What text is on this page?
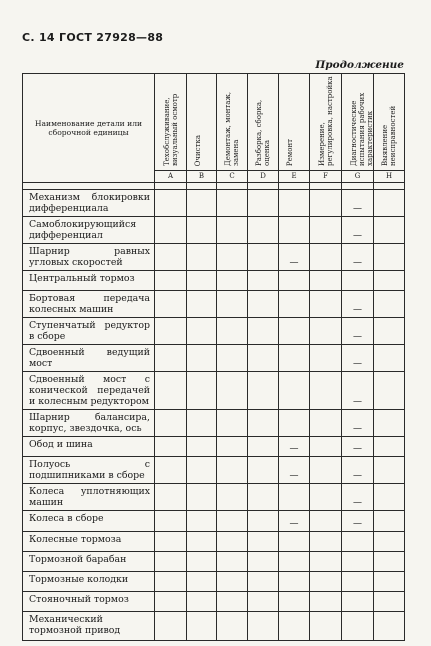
С. 14 ГОСТ 27928—88
Продолжение
Наименование детали или сборочной единицы	Техобслуживание, визуальный осмотр	Очистка	Демонтаж, монтаж, замена	Разборка, сборка, оценка	Ремонт	Измерение, регулировка, настройка	Диагностические испытания рабочих характеристик	Выявление неисправностей

	A	B	C	D	E	F	G	H

Механизм блокировки дифференциала							—	
Самоблокирующийся дифференциал							—	
Шарнир равных угловых скоростей					—		—	
Центральный тормоз								
Бортовая передача колесных машин							—	
Ступенчатый редуктор в сборе							—	
Сдвоенный ведущий мост							—	
Сдвоенный мост с конической передачей и колесным редуктором							—	
Шарнир балансира, корпус, звездочка, ось							—	
Обод и шина					—		—	
Полуось с подшипниками в сборе					—		—	
Колеса уплотняющих машин							—	
Колеса в сборе					—		—	
Колесные тормоза								
Тормозной барабан								
Тормозные колодки								
Стояночный тормоз								
Механический тормозной привод								
